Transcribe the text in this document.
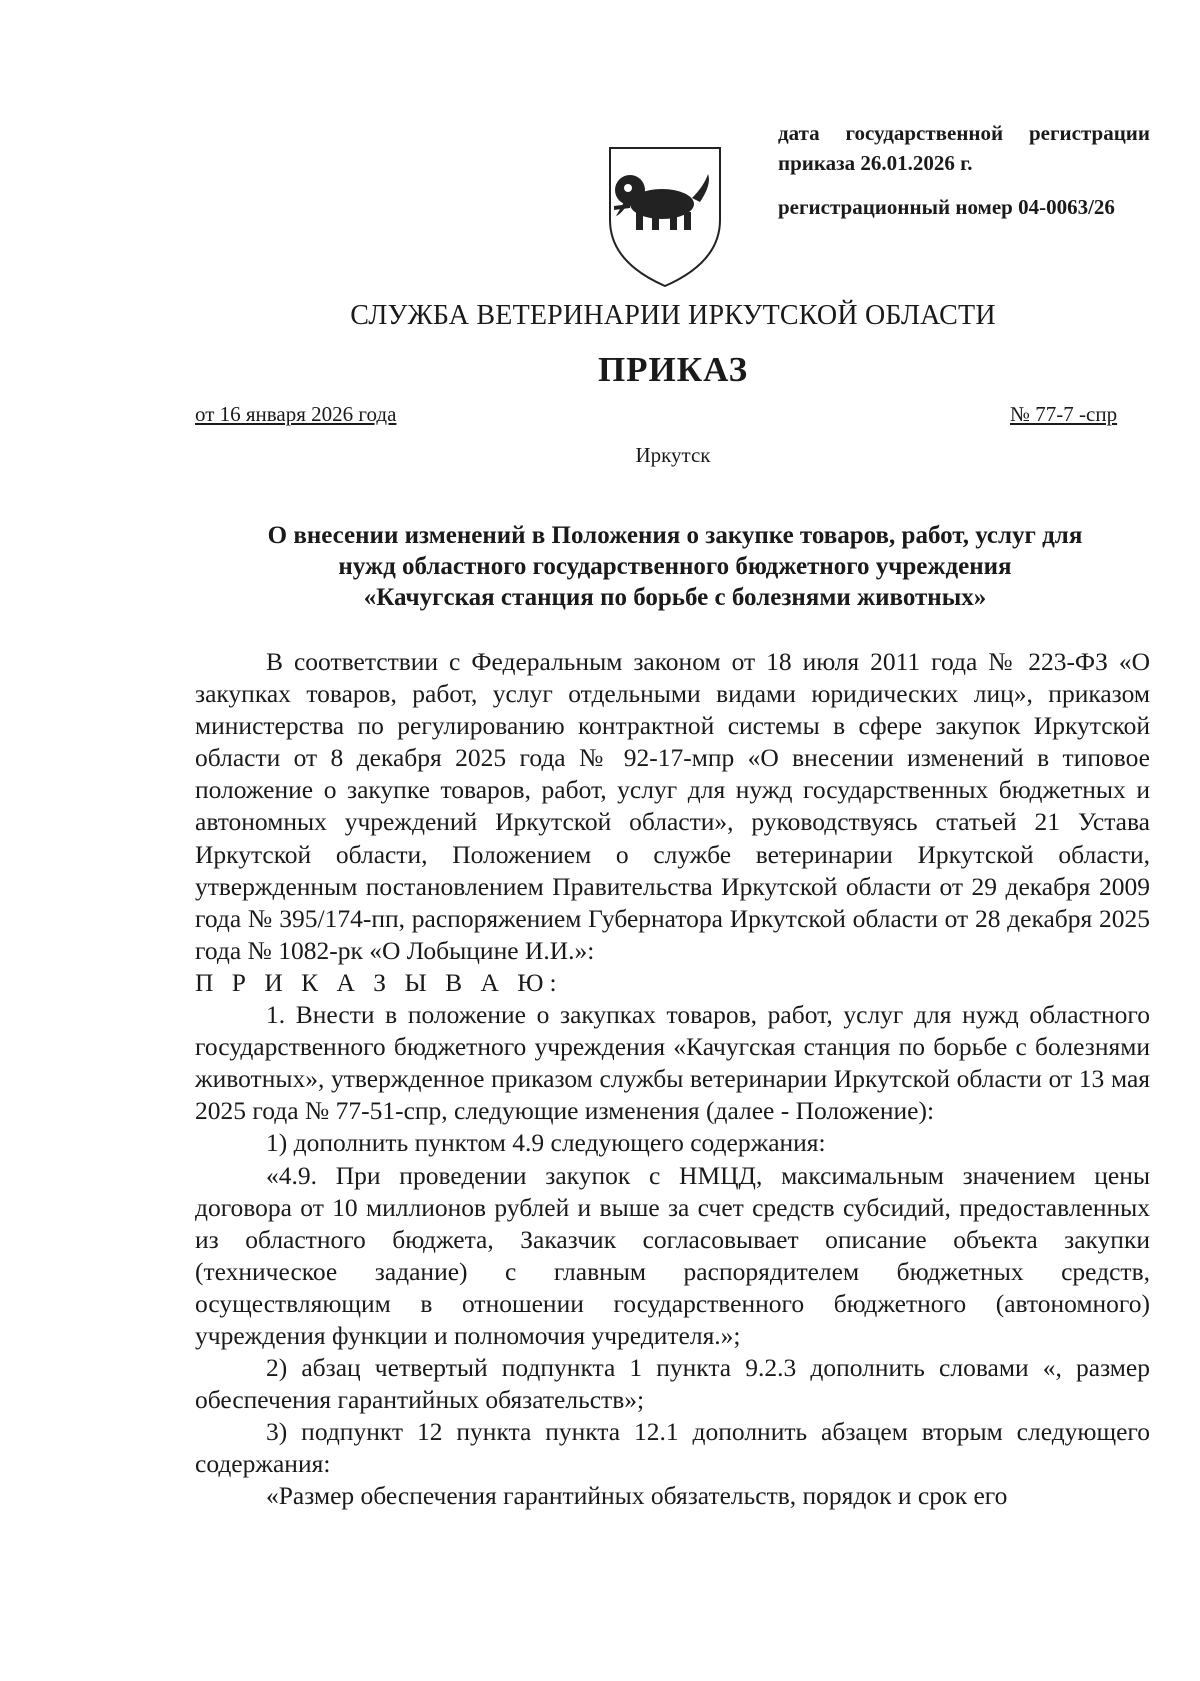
дата государственной регистрации
приказа 26.01.2026 г.
регистрационный номер 04-0063/26
СЛУЖБА ВЕТЕРИНАРИИ ИРКУТСКОЙ ОБЛАСТИ
ПРИКАЗ
от 16 января 2026 года	№ 77-7 -спр
Иркутск
О внесении изменений в Положения о закупке товаров, работ, услуг для
нужд областного государственного бюджетного учреждения
«Качугская станция по борьбе с болезнями животных»

В соответствии с Федеральным законом от 18 июля 2011 года № 223-ФЗ «О закупках товаров, работ, услуг отдельными видами юридических лиц», приказом министерства по регулированию контрактной системы в сфере закупок Иркутской области от 8 декабря 2025 года № 92-17-мпр «О внесении изменений в типовое положение о закупке товаров, работ, услуг для нужд государственных бюджетных и автономных учреждений Иркутской области», руководствуясь статьей 21 Устава Иркутской области, Положением о службе ветеринарии Иркутской области, утвержденным постановлением Правительства Иркутской области от 29 декабря 2009 года № 395/174-пп, распоряжением Губернатора Иркутской области от 28 декабря 2025 года № 1082-рк «О Лобыцине И.И.»:

П Р И К А З Ы В А Ю:

1. Внести в положение о закупках товаров, работ, услуг для нужд областного государственного бюджетного учреждения «Качугская станция по борьбе с болезнями животных», утвержденное приказом службы ветеринарии Иркутской области от 13 мая 2025 года № 77-51-спр, следующие изменения (далее - Положение):

1) дополнить пунктом 4.9 следующего содержания:

«4.9. При проведении закупок с НМЦД, максимальным значением цены договора от 10 миллионов рублей и выше за счет средств субсидий, предоставленных из областного бюджета, Заказчик согласовывает описание объекта закупки (техническое задание) с главным распорядителем бюджетных средств, осуществляющим в отношении государственного бюджетного (автономного) учреждения функции и полномочия учредителя.»;

2) абзац четвертый подпункта 1 пункта 9.2.3 дополнить словами «, размер обеспечения гарантийных обязательств»;

3) подпункт 12 пункта пункта 12.1 дополнить абзацем вторым следующего содержания:

«Размер обеспечения гарантийных обязательств, порядок и срок его
